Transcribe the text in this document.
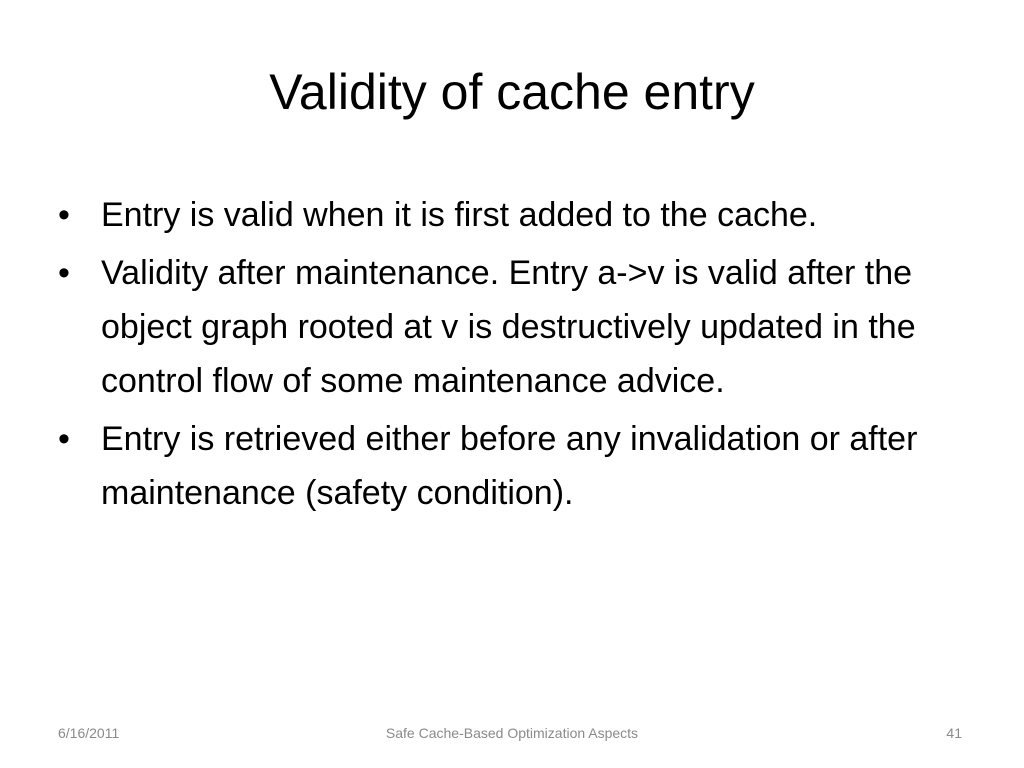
Validity of cache entry
• Entry is valid when it is first added to the cache.
• Validity after maintenance. Entry a->v is valid after the object graph rooted at v is destructively updated in the control flow of some maintenance advice.
• Entry is retrieved either before any invalidation or after maintenance (safety condition).
6/16/2011	Safe Cache-Based Optimization Aspects	41
